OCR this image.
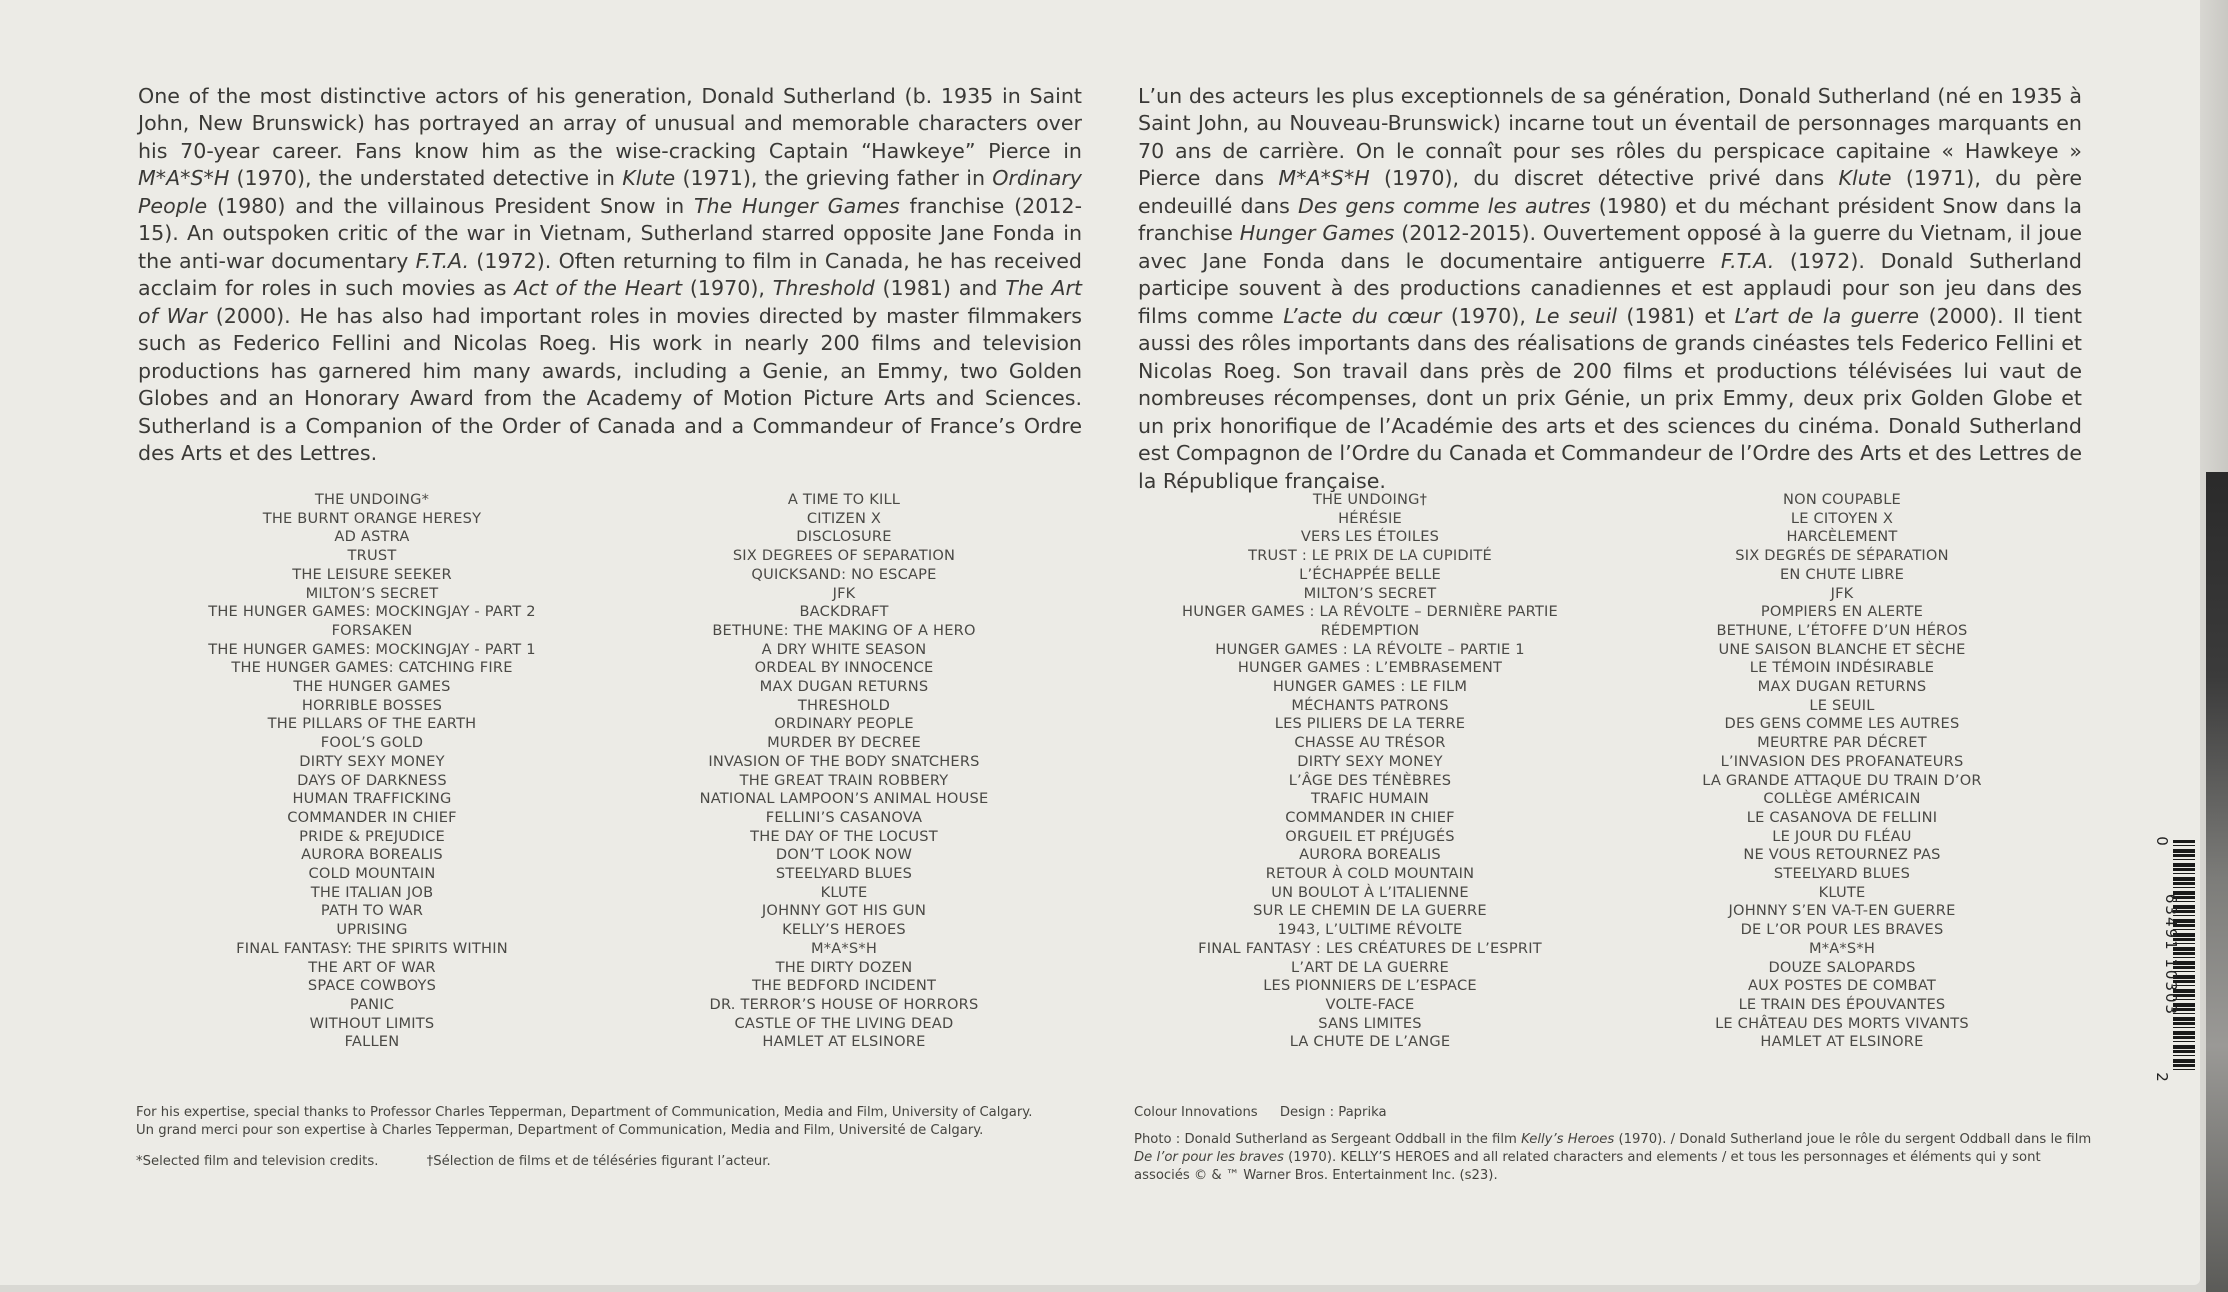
One of the most distinctive actors of his generation, Donald Sutherland (b. 1935 in Saint John, New Brunswick) has portrayed an array of unusual and memorable characters over his 70-year career. Fans know him as the wise-cracking Captain “Hawkeye” Pierce in M*A*S*H (1970), the understated detective in Klute (1971), the grieving father in Ordinary People (1980) and the villainous President Snow in The Hunger Games franchise (2012-15). An outspoken critic of the war in Vietnam, Sutherland starred opposite Jane Fonda in the anti-war documentary F.T.A. (1972). Often returning to film in Canada, he has received acclaim for roles in such movies as Act of the Heart (1970), Threshold (1981) and The Art of War (2000). He has also had important roles in movies directed by master filmmakers such as Federico Fellini and Nicolas Roeg. His work in nearly 200 films and television productions has garnered him many awards, including a Genie, an Emmy, two Golden Globes and an Honorary Award from the Academy of Motion Picture Arts and Sciences. Sutherland is a Companion of the Order of Canada and a Commandeur of France’s Ordre des Arts et des Lettres.

L’un des acteurs les plus exceptionnels de sa génération, Donald Sutherland (né en 1935 à Saint John, au Nouveau-Brunswick) incarne tout un éventail de personnages marquants en 70 ans de carrière. On le connaît pour ses rôles du perspicace capitaine « Hawkeye » Pierce dans M*A*S*H (1970), du discret détective privé dans Klute (1971), du père endeuillé dans Des gens comme les autres (1980) et du méchant président Snow dans la franchise Hunger Games (2012-2015). Ouvertement opposé à la guerre du Vietnam, il joue avec Jane Fonda dans le documentaire antiguerre F.T.A. (1972). Donald Sutherland participe souvent à des productions canadiennes et est applaudi pour son jeu dans des films comme L’acte du cœur (1970), Le seuil (1981) et L’art de la guerre (2000). Il tient aussi des rôles importants dans des réalisations de grands cinéastes tels Federico Fellini et Nicolas Roeg. Son travail dans près de 200 films et productions télévisées lui vaut de nombreuses récompenses, dont un prix Génie, un prix Emmy, deux prix Golden Globe et un prix honorifique de l’Académie des arts et des sciences du cinéma. Donald Sutherland est Compagnon de l’Ordre du Canada et Commandeur de l’Ordre des Arts et des Lettres de la République française.

THE UNDOING*
THE BURNT ORANGE HERESY
AD ASTRA
TRUST
THE LEISURE SEEKER
MILTON’S SECRET
THE HUNGER GAMES: MOCKINGJAY - PART 2
FORSAKEN
THE HUNGER GAMES: MOCKINGJAY - PART 1
THE HUNGER GAMES: CATCHING FIRE
THE HUNGER GAMES
HORRIBLE BOSSES
THE PILLARS OF THE EARTH
FOOL’S GOLD
DIRTY SEXY MONEY
DAYS OF DARKNESS
HUMAN TRAFFICKING
COMMANDER IN CHIEF
PRIDE & PREJUDICE
AURORA BOREALIS
COLD MOUNTAIN
THE ITALIAN JOB
PATH TO WAR
UPRISING
FINAL FANTASY: THE SPIRITS WITHIN
THE ART OF WAR
SPACE COWBOYS
PANIC
WITHOUT LIMITS
FALLEN
A TIME TO KILL
CITIZEN X
DISCLOSURE
SIX DEGREES OF SEPARATION
QUICKSAND: NO ESCAPE
JFK
BACKDRAFT
BETHUNE: THE MAKING OF A HERO
A DRY WHITE SEASON
ORDEAL BY INNOCENCE
MAX DUGAN RETURNS
THRESHOLD
ORDINARY PEOPLE
MURDER BY DECREE
INVASION OF THE BODY SNATCHERS
THE GREAT TRAIN ROBBERY
NATIONAL LAMPOON’S ANIMAL HOUSE
FELLINI’S CASANOVA
THE DAY OF THE LOCUST
DON’T LOOK NOW
STEELYARD BLUES
KLUTE
JOHNNY GOT HIS GUN
KELLY’S HEROES
M*A*S*H
THE DIRTY DOZEN
THE BEDFORD INCIDENT
DR. TERROR’S HOUSE OF HORRORS
CASTLE OF THE LIVING DEAD
HAMLET AT ELSINORE
THE UNDOING†
HÉRÉSIE
VERS LES ÉTOILES
TRUST : LE PRIX DE LA CUPIDITÉ
L’ÉCHAPPÉE BELLE
MILTON’S SECRET
HUNGER GAMES : LA RÉVOLTE – DERNIÈRE PARTIE
RÉDEMPTION
HUNGER GAMES : LA RÉVOLTE – PARTIE 1
HUNGER GAMES : L’EMBRASEMENT
HUNGER GAMES : LE FILM
MÉCHANTS PATRONS
LES PILIERS DE LA TERRE
CHASSE AU TRÉSOR
DIRTY SEXY MONEY
L’ÂGE DES TÉNÈBRES
TRAFIC HUMAIN
COMMANDER IN CHIEF
ORGUEIL ET PRÉJUGÉS
AURORA BOREALIS
RETOUR À COLD MOUNTAIN
UN BOULOT À L’ITALIENNE
SUR LE CHEMIN DE LA GUERRE
1943, L’ULTIME RÉVOLTE
FINAL FANTASY : LES CRÉATURES DE L’ESPRIT
L’ART DE LA GUERRE
LES PIONNIERS DE L’ESPACE
VOLTE-FACE
SANS LIMITES
LA CHUTE DE L’ANGE
NON COUPABLE
LE CITOYEN X
HARCÈLEMENT
SIX DEGRÉS DE SÉPARATION
EN CHUTE LIBRE
JFK
POMPIERS EN ALERTE
BETHUNE, L’ÉTOFFE D’UN HÉROS
UNE SAISON BLANCHE ET SÈCHE
LE TÉMOIN INDÉSIRABLE
MAX DUGAN RETURNS
LE SEUIL
DES GENS COMME LES AUTRES
MEURTRE PAR DÉCRET
L’INVASION DES PROFANATEURS
LA GRANDE ATTAQUE DU TRAIN D’OR
COLLÈGE AMÉRICAIN
LE CASANOVA DE FELLINI
LE JOUR DU FLÉAU
NE VOUS RETOURNEZ PAS
STEELYARD BLUES
KLUTE
JOHNNY S’EN VA-T-EN GUERRE
DE L’OR POUR LES BRAVES
M*A*S*H
DOUZE SALOPARDS
AUX POSTES DE COMBAT
LE TRAIN DES ÉPOUVANTES
LE CHÂTEAU DES MORTS VIVANTS
HAMLET AT ELSINORE
For his expertise, special thanks to Professor Charles Tepperman, Department of Communication, Media and Film, University of Calgary.
Un grand merci pour son expertise à Charles Tepperman, Department of Communication, Media and Film, Université de Calgary.
*Selected film and television credits.	†Sélection de films et de téléséries figurant l’acteur.
Colour Innovations Design : Paprika
Photo : Donald Sutherland as Sergeant Oddball in the film Kelly’s Heroes (1970). / Donald Sutherland joue le rôle du sergent Oddball dans le film De l’or pour les braves (1970). KELLY’S HEROES and all related characters and elements / et tous les personnages et éléments qui y sont associés © & ™ Warner Bros. Entertainment Inc. (s23).
0
63491 10303
2
